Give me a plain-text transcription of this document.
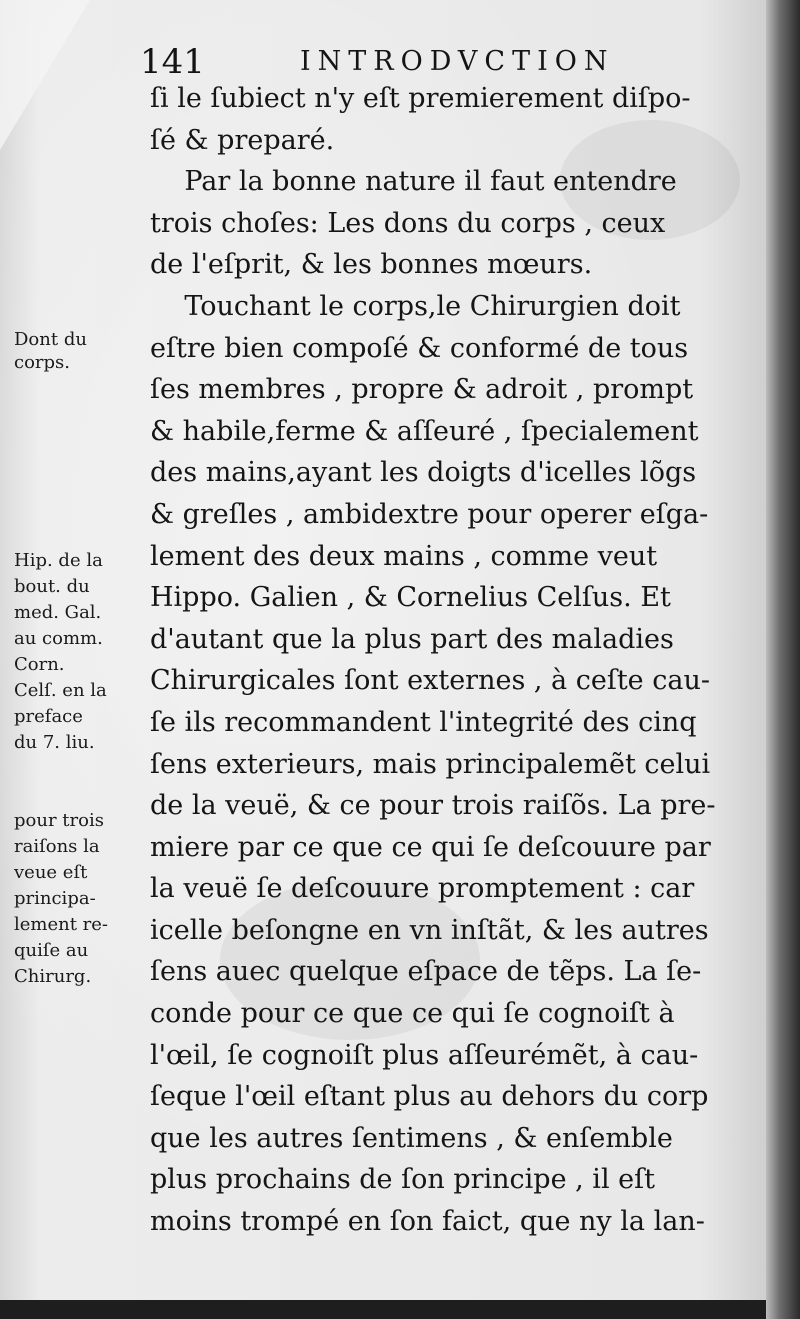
141	INTRODVCTION
ſi le ſubiect n'y eſt premierement diſpo-
ſé & preparé.
Par la bonne nature il faut entendre
trois choſes: Les dons du corps , ceux
de l'eſprit, & les bonnes mœurs.
Touchant le corps,le Chirurgien doit
eſtre bien compoſé & conformé de tous
ſes membres , propre & adroit , prompt
& habile,ferme & aſſeuré , ſpecialement
des mains,ayant les doigts d'icelles lõgs
& greſles , ambidextre pour operer eſga-
lement des deux mains , comme veut
Hippo. Galien , & Cornelius Celſus. Et
d'autant que la plus part des maladies
Chirurgicales ſont externes , à ceſte cau-
ſe ils recommandent l'integrité des cinq
ſens exterieurs, mais principalemẽt celui
de la veuë, & ce pour trois raiſõs. La pre-
miere par ce que ce qui ſe deſcouure par
la veuë ſe deſcouure promptement : car
icelle beſongne en vn inſtãt, & les autres
ſens auec quelque eſpace de tẽps. La ſe-
conde pour ce que ce qui ſe cognoiſt à
l'œil, ſe cognoiſt plus aſſeurémẽt, à cau-
ſeque l'œil eſtant plus au dehors du corp
que les autres ſentimens , & enſemble
plus prochains de ſon principe , il eſt
moins trompé en ſon faict, que ny la lan-
Dont du
corps.
Hip. de la
bout. du
med. Gal.
au comm.
Corn.
Celſ. en la
preface
du 7. liu.
pour trois
raiſons la
veue eſt
principa-
lement re-
quiſe au
Chirurg.
